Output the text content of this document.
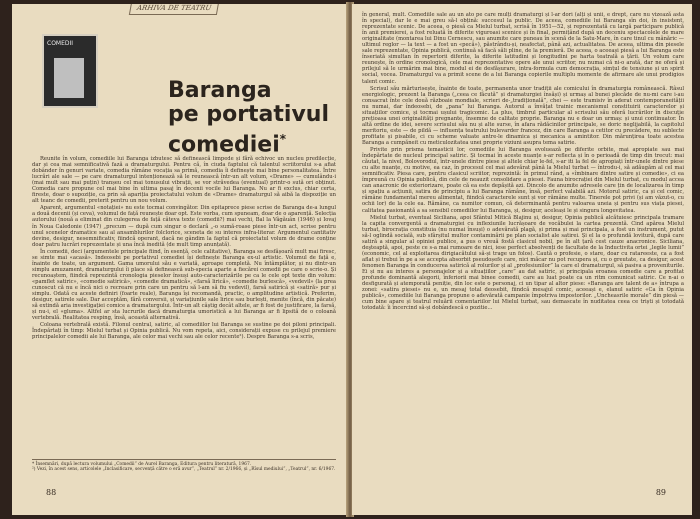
ARHIVA DE TEATRU
COMEDII
Baranga
pe portativul
comediei*

Reunite în volum, comediile lui Baranga izbutesc să definească limpede și fără echivoc un nucleu predilecție, dar și cea mai semnificativă fază a dramaturgului. Pentru că, în ciuda faptului că talentul scriitorului s-a afiat dobânder în genuri variate, comedia rămâne vocația sa primă, comedia îi definește mai bine personalitatea. Între lucrări ale sale — pe care dramaturgul intenționează să le reunească într-un alt volum, «Drame» — cumulându-i (mai mult sau mai puțin) tranșeu cel mai tonusului vibrații, se vor străvedea (eventual) printr-o sută ori obținut. Comedia care propune cel mai bine în ultima pasaj în decenii vocile lui Baranga. Nu ar fi exclus, chiar certa, fireste, doar o supoziție, ca prin să apariția proiectatului volum de «Drame» dramaturgul să aibă la dispoziție un alt teanc de comedii, preterit pentru un nou volum.

Aparent, argumentul «notației» nu este tocmai convingător. Din epitaprece piese scrise de Baranga de-a lungul a două decenii (și ceva), volumul de față reunește doar opt. Este vorba, cum spuneam, doar de o aparență. Selecția autorului (nouă a eliminat din culegerea de față câteva texte (comedii?) mai vechi, Bal la Vâgăuân (1946) și Iovaj în Noua Caledonie (1947) „precum — după cum singur o declară „-o sumă-roase piese într-un act, scrise pentru unul scenelor dramatice sau al ansamblurilor folclorice, sceneta de su interes infra-literar. Argumentul cantitativ devine, desigur, nesemnificativ, fiindcă operant, dacă ne gândim la faptul că proiectatul volum de drame conține doar patru lucrări reprezentate și una încă inedită (de mult timp anunțată).

În comedii, deci (argumentele principale fiind, în esență, cele calitative), Baranga se desfășoară mult mai firesc, se simte mai «acasă». Indeosebi pe portativul comediei își definește Baranga ex-ul artistic. Volumul de față e, înainte de toate, un argument. Gama umorului său e variată, aproape completă. Nu întâmplător, și nu dintr-un simplu amuzament, dramaturgului îi place să definească sub-specia aparte a fiecărei comedii pe care o scrie-o. Și recunoaștem, fiindcă reprezintă cronologia pieselor însuși auto-caracterizările pe ca le cele opt texte din volum: «pamflet satiric», «comedie satirică», «comedie dramatică», «farsă lirică», «comedie burlescă», «vedevil» (la prea cunoscut că nu e încă nici o recreare prin care un pentru să l-am să fiu vedevil), farsă satirică și «satiră» pur și simplu. Odată cu aceste definiri (foarte reale), Baranga își recomandă, practic, o amplitudine artistică. Preferim, desigur, satirele sale. Dar acceptăm, fără conversii, și variațiunile sale lirice sau burlești, menite (încă, din păcate) să extindă aria investigației comice a dramaturgului. Într-un alt câștig decât altele, ar fi fost de justificare, la farsă, și nu-i, el «gluma». Altfel ar sta lucrurile dacă dramaturgia umoristică a lui Baranga ar fi lipsită de o coloană vertebrală. Realitatea resping, însă, această alternativă.

Coloana vertebrală există. Filonul central, satiric, al comediilor lui Baranga se sustine pe doi piloni principali. Îndepărtați în timp: Mielul turbat și Opinia publică. Nu vom repeta, aici, considerații expuse cu prilejul premiere principalelor comedii ale lui Baranga, ale celor mai vechi sau ale celor recente²). Despre Baranga s-a scris,

* Însemnări, după lectura volumului „Comedii” de Aurel Baranga, Editura pentru literatură, 1967.

²) Vezi, în acest sens, articolele „Inclasificare, secvență către o eră avur”, „Teatrul” nr. 2/1966, și „Rîsul mediului”, „Teatrul”, nr. 6/1967.

88

în general, mult. Comediile sale au un ato pe care mulți dramaturgi și l-ar dori (alți și unii, e drept, care nu vizează asta în special), dar le e mai greu să-l obțină: succesul la public. De aceea, comediile lui Baranga sîn doi, în insistent, reprezentate scenic. De aceea, o piesă ca Mielul turbat, scrisă în 1951—52, și reprezentată cu largă participare publică în anii premierei, a fost reluată în diferite viguroasi scenice și în final, permițând după un deceniu spectacolele de mare originalitate (montarea lui Dinu Cernescu, sau anumite care puneau în scenă de la Satu-Mare, în care tinul cu mânăric — ultimul reglor — la text — a fost un «pecă»), păstrându-și, neafectat, până azi, actualitatea. De aceea, ultima din piesele sale reprezentate, Opinia publică, continuă să facă săli pline, de la premieră. De aceea, o aceeași piesă a lui Baranga este înseriată simultan în repertorii diferite, la diferite latitudini și longitudini pe harta teatrală a țării. Un volum care reunește, în ordine cronologică, cele mai reprezentative opere ale unui scriitor, nu numai că ni-o arată, dar ne oferă și prilejul să le urmărim mai bine, modul ei de desfășurare, intra-formula cum democrația, simțul de tensiune și un spirit social, vocea. Dramaturgul va a primit scene de a lui Baranga copierile multiplu momente de afirmare ale unui prodigios talent comic.

Scrisul său mărturisește, înainte de toate, permanenta unor tradiții ale comicului în dramaturgia românească. Râsul energiologic, prezent la Baranga („ceea ce făcută” și dramaturgiei însăși) și urmaș al bunei plecăde de nu-mi care i-au consacrat înte cele două războaie mondiale, scrieri de-„tradițională”, chei — este tramisiv în aderat contemporaneității nu numai, dar îndeosebi, de „pana” lui Baranga. Autorul a învățat trainic mecanismul constituirii caracterelor și situațiilor comice, și tocmai ușului tragicomic. La plus, timbrul particular al scrisului său oferă lucrărilor în discuție prețioasa unei originalități pregnante, însemne de calitate proprie. Baranga nu e doar un urmaș: și unui continuator. În altă ordine de idei, severe scrisului său nu și alte surse, în afara rădăcinilor priincipale, se doric neglijabilă, la capitolul meritoriu, este — de pildă — influența teatrului bulevarder francez, din care Baranga a cetitor cu precădere, nu sublecte profitate și pisabile, ci cu scheme valuate antre-le dinamica și mecanica a amintitor. Din mărunțirea toate acestea Baranga a cumpăneit cu meticulozitatea unei proprie viziuni asupra tema satirie.

Privite prin prisma temasticii lor, comediile lui Baranga evoluează pe diferite orbite, mai apropiate sau mai îndepărtate de nucleul principal satiric. Și tocmai în aceste nuanțe s-ar reflecta și în o perioadă de timp din trecut: mai căutat, la nivel, Bolovorodul, într-unele dintre piese și altele chiar le-fel, s-ar iti la fel de apropiați într-unele dintre piese cu alte nuanțe, cu motive, ea caz, în procesul cel mai adevărat până la Mielul turbat — întrodu-i, să adăugăm al cel mai semnificativ. Piesa care, pentru clasicul scriitor, reprezintă: în primul rând, a «îmbinare dintre satire și comedie», ci ea împreună cu Opinia publică, din cele de neauzit consolidare a piesei. Fauna birocrației din Mielul turbat, cu modul accea can anacronic de exteriorizare, poate că ea este depășită azi. Dincolo de anumite adresele care țin de localizarea în timp și spațiu a acțiunii, satira de principiu a lui Baranga rămâne, însă, perfect valabilă azi. Motorul satiric, ca și cel comic, rămâne fundamental mereu alimentat, fiindcă caracterele sunt și vor rămâne multe. Tinerele pot privi (și am văzut-o, cu ochii lor) de la cele ea. Rămâne, ca numitor comun, că determinantă pentru valoarea uneia și pentru sus viața piesei, calitatea pasionantă a sa sensibil comediilor lui Baranga, și, desigur, aceleași le și singura longevitatea.

Mielul turbat, eventual Siciliana, apoi Sfântul Mitică Blajinu și, desigur, Opinia publică alcătuiesc principala tramare la capita convergentă a dramaturgiei cu inflexiunile lucrășoare de vocăbulei la cartea prezentă. Cind apărea Mielul turbat, birocrația constituia (nu numai însuși) o adevărată plagă, și prima și mai principala, a fost un instrument, putut să-l oglindă socială, sub sfârșitul multor contaminării pe plan socialist ale satirei. Și el la o profundă lovitură, după care satiră a singular al opiniei publice, a pus o vreuă fostă clasicul nobil, pe în alt țară cest cauze anacronice. Siciliana, deşteaptă, apoi, peste ce s-a mai rumoare de nici, iese perfect absolvenți de facultate de la Inductivita ortei „legile lumii” (economic, cel al exploitarea dirigiacătului să-și trage un folos). Caută o profesie, o stare, doar cu ratareeste, ca a fost aflat și trebui în pe a se accepta absorbit pseudoșefe care, nici măcar nu pot recupera și, cu o greutate, ca desigur, acest fenomen Baranga în conducerea satirică al rolurilor și al „profesiunilor” la care el dramaturgul, să pasiva a proveniturile. Ei și nu au interes a personajelor și a situațiilor „care” au dat satiric, și principala eroanea comedie care a profitat profunde dominantă alegorii, înferiorii mai binee comedii, care au luat poate ca un ritm comunicat satiric. Ce n-ai o desfigurată și atemporată peniție, din loc este o personaj, ci un tipar al altor piese: «Baranga are talent de a» întrupa a zonei: «satira piesei» nu e, un mesaj total deosebit, fiindcă mesajul comic, aceeași e, elanul satiric «Ca în Opinia publică», comediile lui Baranga propune o adevărată campanie împotriva impostorilor. „Uncheasrile morale” din piesă — cum bine apare și teatrul reluării comentariilor lui Mielul turbat, sau demascate în nuditatea ceea ce triști și totodată totodată: îi încercind să-și dobândescă o pozitie...

89
